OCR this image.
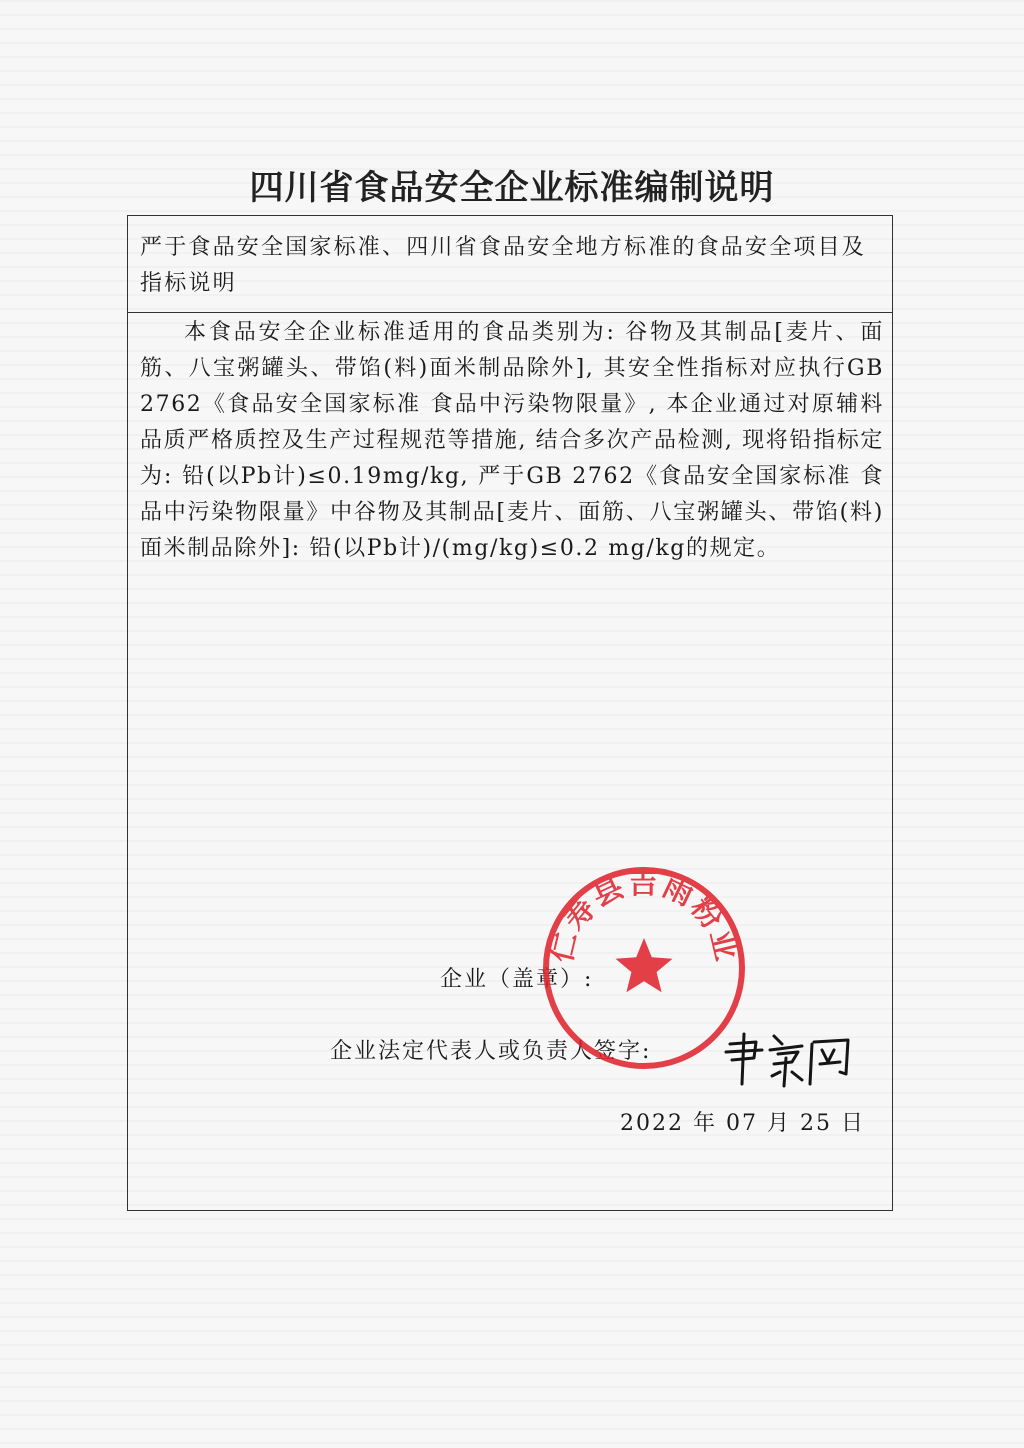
四川省食品安全企业标准编制说明
严于食品安全国家标准、四川省食品安全地方标准的食品安全项目及指标说明
本食品安全企业标准适用的食品类别为: 谷物及其制品[麦片、面筋、八宝粥罐头、带馅(料)面米制品除外], 其安全性指标对应执行GB 2762《食品安全国家标准 食品中污染物限量》, 本企业通过对原辅料品质严格质控及生产过程规范等措施, 结合多次产品检测, 现将铅指标定为: 铅(以Pb计)≤0.19mg/kg, 严于GB 2762《食品安全国家标准 食品中污染物限量》中谷物及其制品[麦片、面筋、八宝粥罐头、带馅(料)面米制品除外]: 铅(以Pb计)/(mg/kg)≤0.2 mg/kg的规定。
企业（盖章）:
企业法定代表人或负责人签字:
2022 年 07 月 25 日
仁寿县吉雨粉业
